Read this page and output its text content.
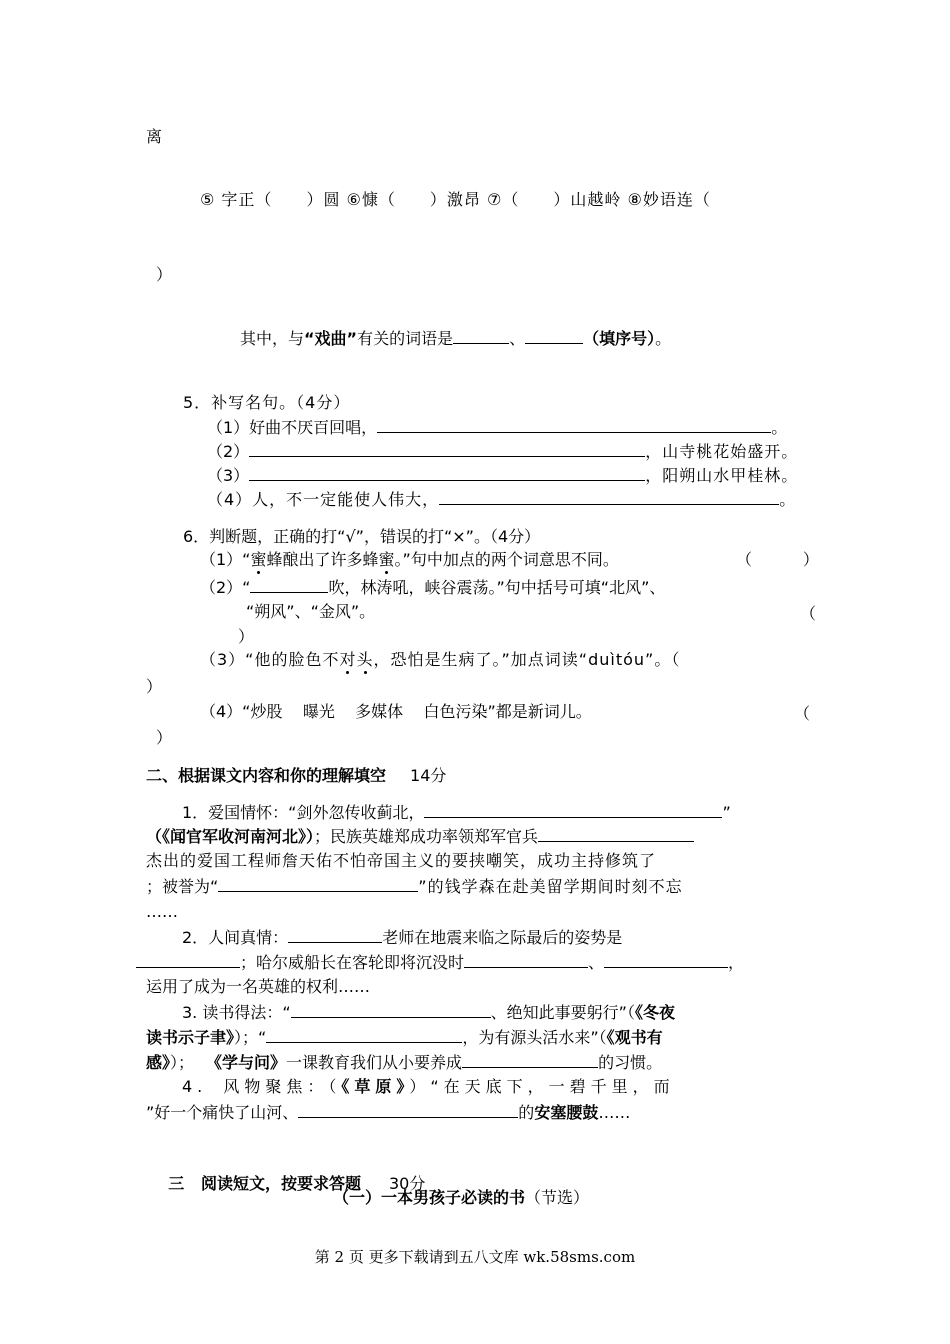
离
⑤ 字正（ ）圆 ⑥慷（ ）激昂 ⑦（ ）山越岭 ⑧妙语连（
）
其中，与“戏曲”有关的词语是	、	（填序号）。
5．补写名句。（4分）
（1）好曲不厌百回唱，	。
（2）	，山寺桃花始盛开。
（3）	，阳朔山水甲桂林。
（4）人，不一定能使人伟大，	。
6．判断题，正确的打“√”，错误的打“×”。（4分）
（1）“蜜蜂酿出了许多蜂蜜。”句中加点的两个词意思不同。	（          ）
（2）“	吹，林涛吼，峡谷震荡。”句中括号可填“北风”、
“朔风”、“金风”。	（
）
（3）“他的脸色不对头，恐怕是生病了。”加点词读“duìtóu”。（
）
（4）“炒股    曝光    多媒体    白色污染”都是新词儿。	（
）
二、根据课文内容和你的理解填空 14分
1．爱国情怀：“剑外忽传收蓟北，	”
（《闻官军收河南河北》）；民族英雄郑成功率领郑军官兵
杰出的爱国工程师詹天佑不怕帝国主义的要挟嘲笑，成功主持修筑了
；被誉为“	”的钱学森在赴美留学期间时刻不忘
……
2．人间真情：	老师在地震来临之际最后的姿势是
；哈尔威船长在客轮即将沉没时	、	，
运用了成为一名英雄的权利……
3. 读书得法：“	、绝知此事要躬行”（《冬夜
读书示子聿》）；“	，为有源头活水来”（《观书有
感》）； 《学与问》一课教育我们从小要养成	的习惯。
4. 风物聚焦：（《草原》）“在天底下，一碧千里，而
”好一个痛快了山河、	的安塞腰鼓……

三   阅读短文，按要求答题 30分

（一）一本男孩子必读的书（节选）
第 2 页 更多下载请到五八文库 wk.58sms.com
